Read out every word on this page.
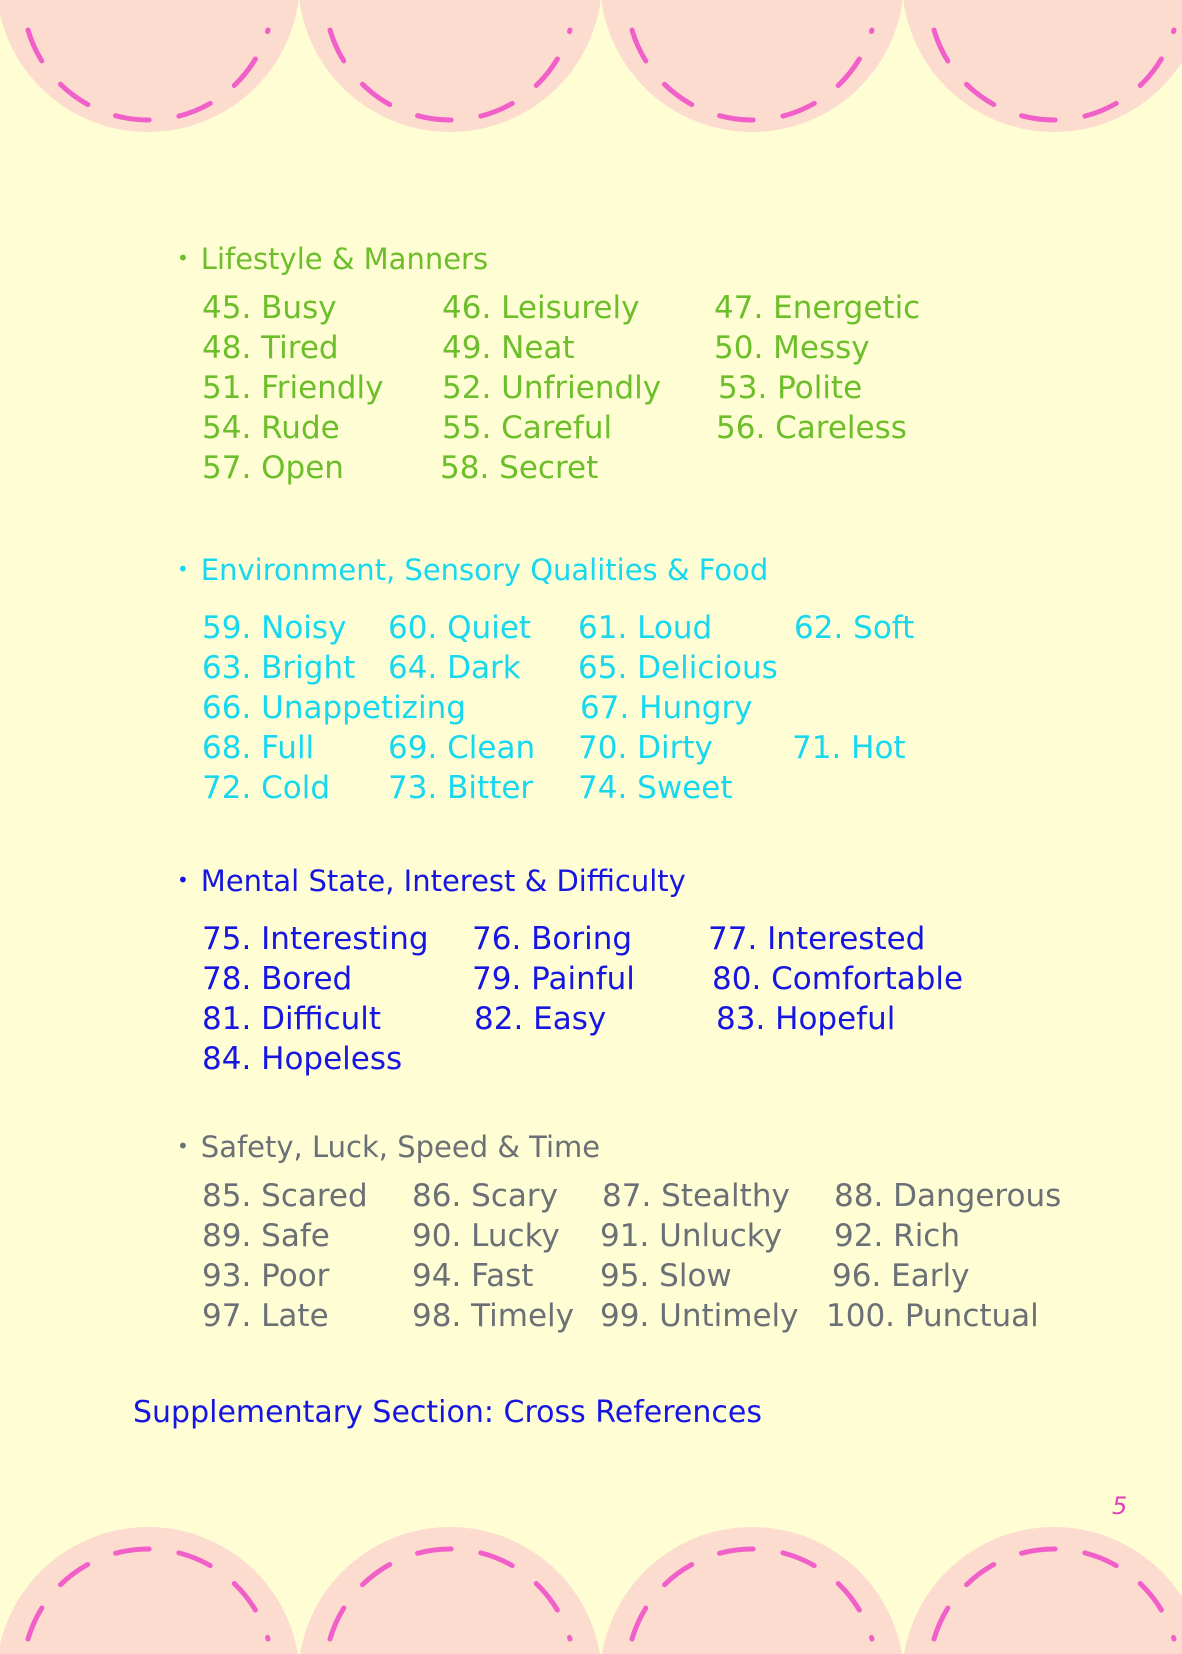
• Lifestyle & Manners
45. Busy	46. Leisurely 47. Energetic
48. Tired	49. Neat	50. Messy
51. Friendly 52. Unfriendly 53. Polite
54. Rude	55. Careful	56. Careless
57. Open	58. Secret
• Environment, Sensory Qualities & Food
59. Noisy 60. Quiet 61. Loud	62. Soft
63. Bright 64. Dark 65. Delicious
66. Unappetizing	67. Hungry
68. Full 69. Clean 70. Dirty	71. Hot
72. Cold 73. Bitter 74. Sweet
• Mental State, Interest & Difficulty
75. Interesting 76. Boring 77. Interested
78. Bored	79. Painful 80. Comfortable
81. Difficult	82. Easy	83. Hopeful
84. Hopeless
• Safety, Luck, Speed & Time
85. Scared 86. Scary 87. Stealthy 88. Dangerous
89. Safe	90. Lucky 91. Unlucky 92. Rich
93. Poor	94. Fast 95. Slow	96. Early
97. Late	98. Timely 99. Untimely 100. Punctual
Supplementary Section: Cross References
5
